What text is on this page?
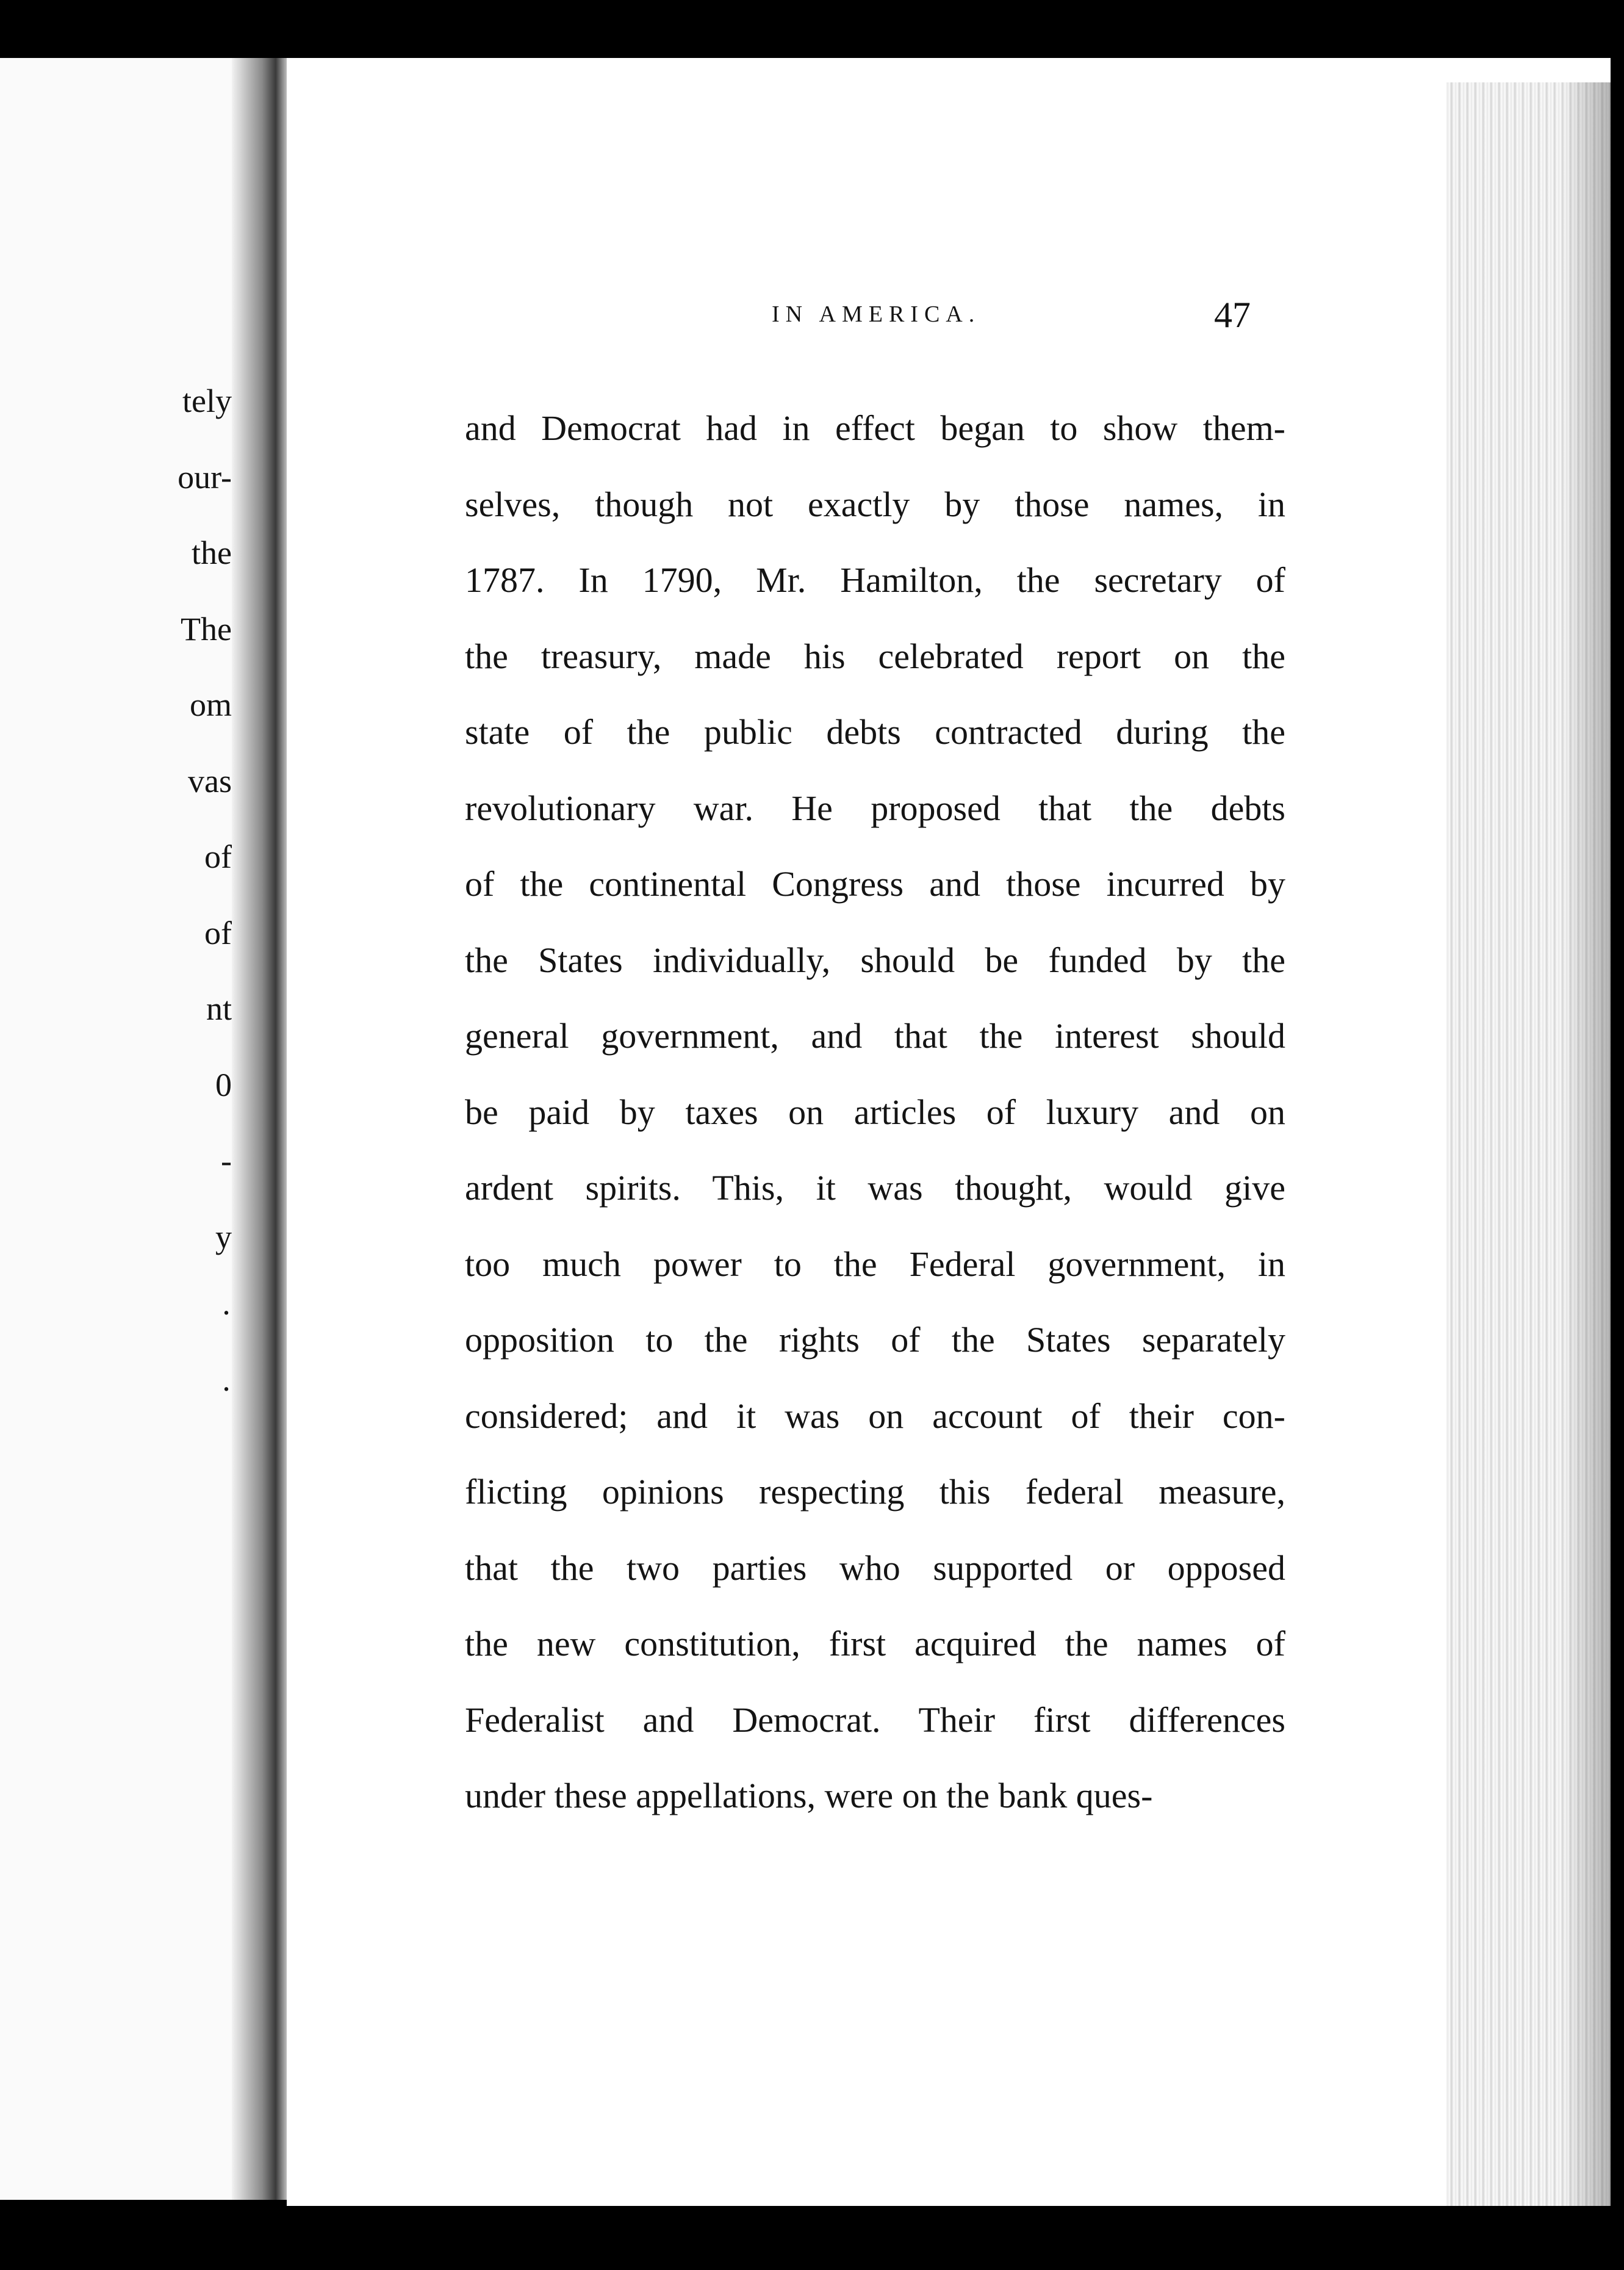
tely
our-
the
The
om
vas
of
of
nt
0
-
y
·
·
IN AMERICA.	47
and Democrat had in effect began to show them-
selves, though not exactly by those names, in
1787. In 1790, Mr. Hamilton, the secretary of
the treasury, made his celebrated report on the
state of the public debts contracted during the
revolutionary war. He proposed that the debts
of the continental Congress and those incurred by
the States individually, should be funded by the
general government, and that the interest should
be paid by taxes on articles of luxury and on
ardent spirits. This, it was thought, would give
too much power to the Federal government, in
opposition to the rights of the States separately
considered; and it was on account of their con-
flicting opinions respecting this federal measure,
that the two parties who supported or opposed
the new constitution, first acquired the names of
Federalist and Democrat. Their first differences
under these appellations, were on the bank ques-
